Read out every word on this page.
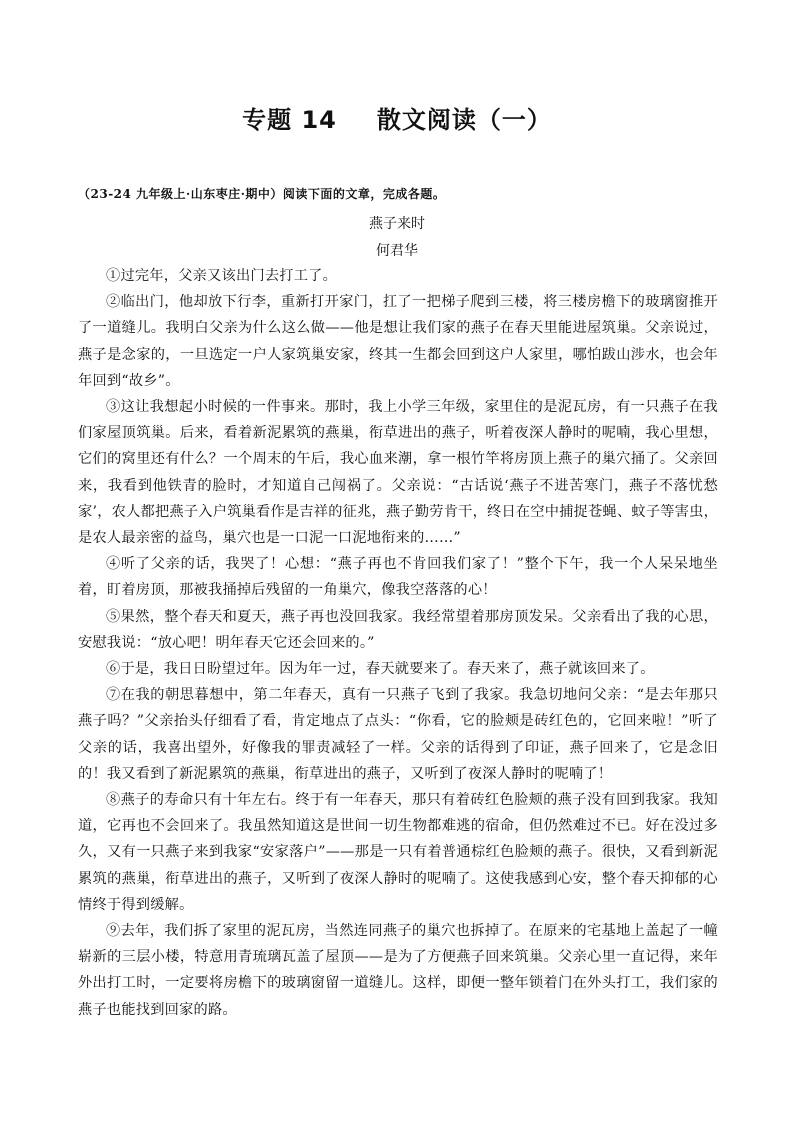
专题 14 散文阅读（一）
（23-24 九年级上·山东枣庄·期中）阅读下面的文章，完成各题。
燕子来时
何君华

①过完年，父亲又该出门去打工了。

②临出门，他却放下行李，重新打开家门，扛了一把梯子爬到三楼，将三楼房檐下的玻璃窗推开了一道缝儿。我明白父亲为什么这么做——他是想让我们家的燕子在春天里能进屋筑巢。父亲说过，燕子是念家的，一旦选定一户人家筑巢安家，终其一生都会回到这户人家里，哪怕跋山涉水，也会年年回到“故乡”。

③这让我想起小时候的一件事来。那时，我上小学三年级，家里住的是泥瓦房，有一只燕子在我们家屋顶筑巢。后来，看着新泥累筑的燕巢，衔草进出的燕子，听着夜深人静时的呢喃，我心里想，它们的窝里还有什么？一个周末的午后，我心血来潮，拿一根竹竿将房顶上燕子的巢穴捅了。父亲回来，我看到他铁青的脸时，才知道自己闯祸了。父亲说：“古话说‘燕子不进苦寒门，燕子不落忧愁家’，农人都把燕子入户筑巢看作是吉祥的征兆，燕子勤劳肯干，终日在空中捕捉苍蝇、蚊子等害虫，是农人最亲密的益鸟，巢穴也是一口泥一口泥地衔来的……”

④听了父亲的话，我哭了！心想：“燕子再也不肯回我们家了！”整个下午，我一个人呆呆地坐着，盯着房顶，那被我捅掉后残留的一角巢穴，像我空落落的心！

⑤果然，整个春天和夏天，燕子再也没回我家。我经常望着那房顶发呆。父亲看出了我的心思，安慰我说：“放心吧！明年春天它还会回来的。”

⑥于是，我日日盼望过年。因为年一过，春天就要来了。春天来了，燕子就该回来了。

⑦在我的朝思暮想中，第二年春天，真有一只燕子飞到了我家。我急切地问父亲：“是去年那只燕子吗？”父亲抬头仔细看了看，肯定地点了点头：“你看，它的脸颊是砖红色的，它回来啦！”听了父亲的话，我喜出望外，好像我的罪责减轻了一样。父亲的话得到了印证，燕子回来了，它是念旧的！我又看到了新泥累筑的燕巢，衔草进出的燕子，又听到了夜深人静时的呢喃了！

⑧燕子的寿命只有十年左右。终于有一年春天，那只有着砖红色脸颊的燕子没有回到我家。我知道，它再也不会回来了。我虽然知道这是世间一切生物都难逃的宿命，但仍然难过不已。好在没过多久，又有一只燕子来到我家“安家落户”——那是一只有着普通棕红色脸颊的燕子。很快，又看到新泥累筑的燕巢，衔草进出的燕子，又听到了夜深人静时的呢喃了。这使我感到心安，整个春天抑郁的心情终于得到缓解。

⑨去年，我们拆了家里的泥瓦房，当然连同燕子的巢穴也拆掉了。在原来的宅基地上盖起了一幢崭新的三层小楼，特意用青琉璃瓦盖了屋顶——是为了方便燕子回来筑巢。父亲心里一直记得，来年外出打工时，一定要将房檐下的玻璃窗留一道缝儿。这样，即便一整年锁着门在外头打工，我们家的燕子也能找到回家的路。
